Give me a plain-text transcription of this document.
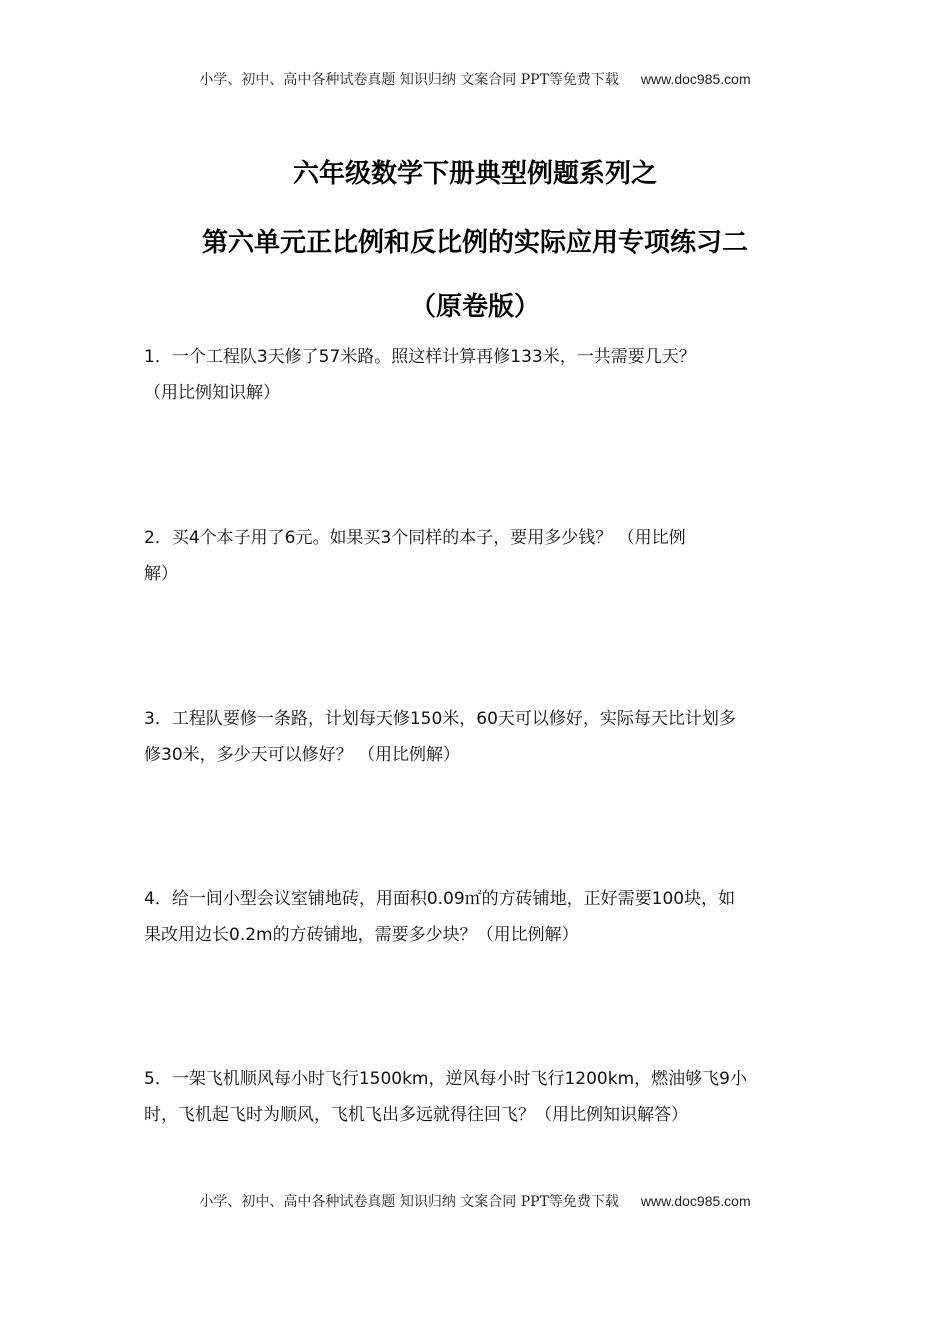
小学、初中、高中各种试卷真题 知识归纳 文案合同 PPT等免费下载 www.doc985.com
六年级数学下册典型例题系列之
第六单元正比例和反比例的实际应用专项练习二
（原卷版）
1．一个工程队3天修了57米路。照这样计算再修133米，一共需要几天？
（用比例知识解）
2．买4个本子用了6元。如果买3个同样的本子，要用多少钱？ （用比例
解）
3．工程队要修一条路，计划每天修150米，60天可以修好，实际每天比计划多
修30米，多少天可以修好？ （用比例解）
4．给一间小型会议室铺地砖，用面积0.09㎡的方砖铺地，正好需要100块，如
果改用边长0.2m的方砖铺地，需要多少块？（用比例解）
5．一架飞机顺风每小时飞行1500km，逆风每小时飞行1200km，燃油够飞9小
时，飞机起飞时为顺风，飞机飞出多远就得往回飞？（用比例知识解答）
小学、初中、高中各种试卷真题 知识归纳 文案合同 PPT等免费下载 www.doc985.com
